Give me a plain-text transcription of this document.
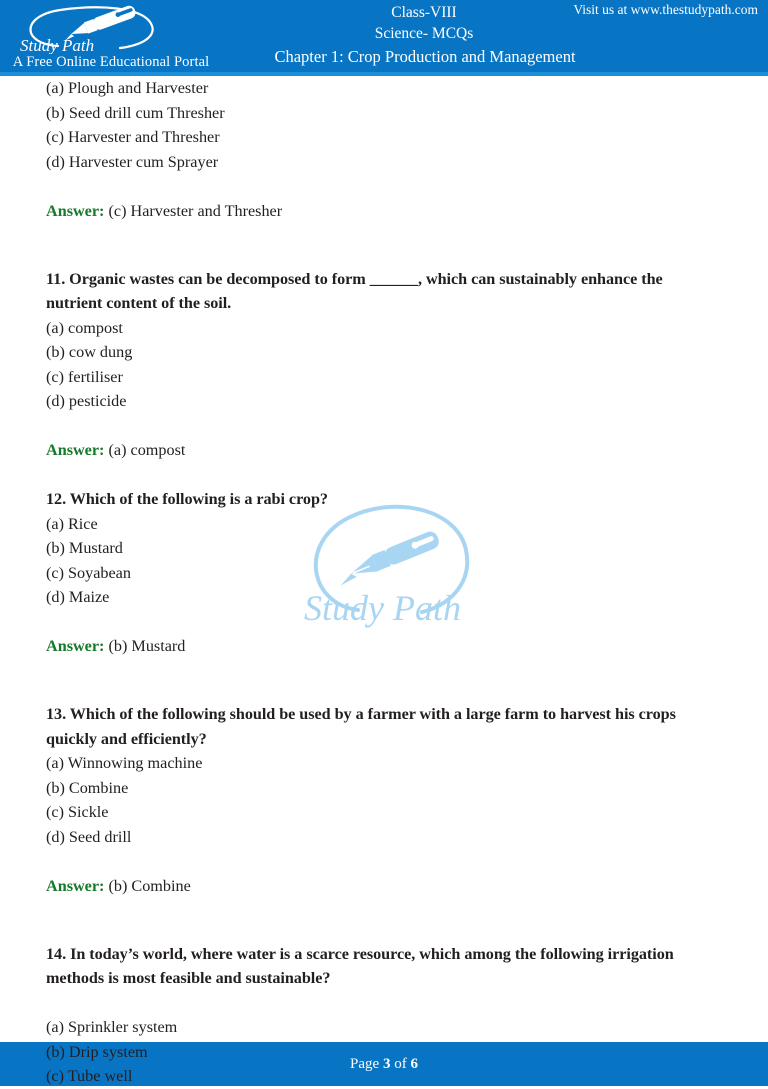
Study Path
A Free Online Educational Portal
Class-VIII
Science- MCQs
Chapter 1: Crop Production and Management
Visit us at www.thestudypath.com
Study Path

(a) Plough and Harvester

(b) Seed drill cum Thresher

(c) Harvester and Thresher

(d) Harvester cum Sprayer

Answer: (c) Harvester and Thresher

11. Organic wastes can be decomposed to form ______, which can sustainably enhance the nutrient content of the soil.

(a) compost

(b) cow dung

(c) fertiliser

(d) pesticide

Answer: (a) compost

12. Which of the following is a rabi crop?

(a) Rice

(b) Mustard

(c) Soyabean

(d) Maize

Answer: (b) Mustard

13. Which of the following should be used by a farmer with a large farm to harvest his crops quickly and efficiently?

(a) Winnowing machine

(b) Combine

(c) Sickle

(d) Seed drill

Answer: (b) Combine

14. In today’s world, where water is a scarce resource, which among the following irrigation methods is most feasible and sustainable?

(a) Sprinkler system

(b) Drip system

(c) Tube well

Page 3 of 6
